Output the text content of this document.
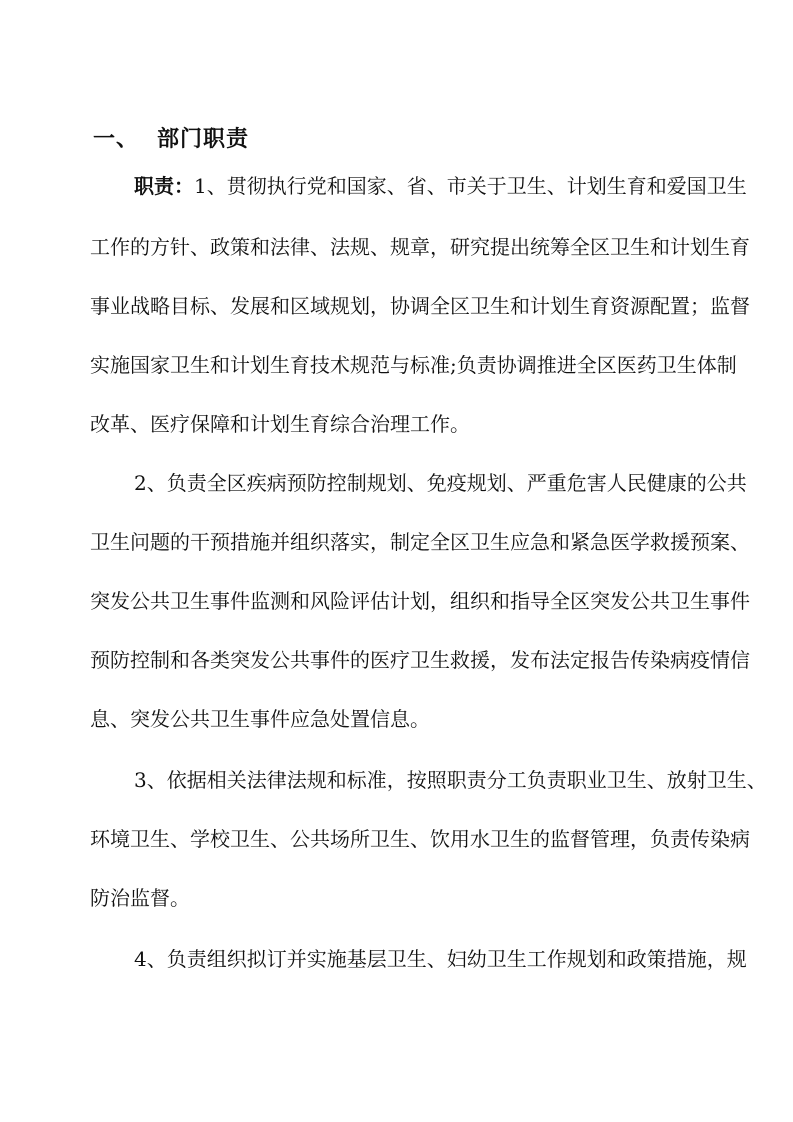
一、 部门职责
职责：1、贯彻执行党和国家、省、市关于卫生、计划生育和爱国卫生
工作的方针、政策和法律、法规、规章，研究提出统筹全区卫生和计划生育
事业战略目标、发展和区域规划，协调全区卫生和计划生育资源配置；监督
实施国家卫生和计划生育技术规范与标准;负责协调推进全区医药卫生体制
改革、医疗保障和计划生育综合治理工作。
2、负责全区疾病预防控制规划、免疫规划、严重危害人民健康的公共
卫生问题的干预措施并组织落实，制定全区卫生应急和紧急医学救援预案、
突发公共卫生事件监测和风险评估计划，组织和指导全区突发公共卫生事件
预防控制和各类突发公共事件的医疗卫生救援，发布法定报告传染病疫情信
息、突发公共卫生事件应急处置信息。
3、依据相关法律法规和标准，按照职责分工负责职业卫生、放射卫生、
环境卫生、学校卫生、公共场所卫生、饮用水卫生的监督管理，负责传染病
防治监督。
4、负责组织拟订并实施基层卫生、妇幼卫生工作规划和政策措施，规
